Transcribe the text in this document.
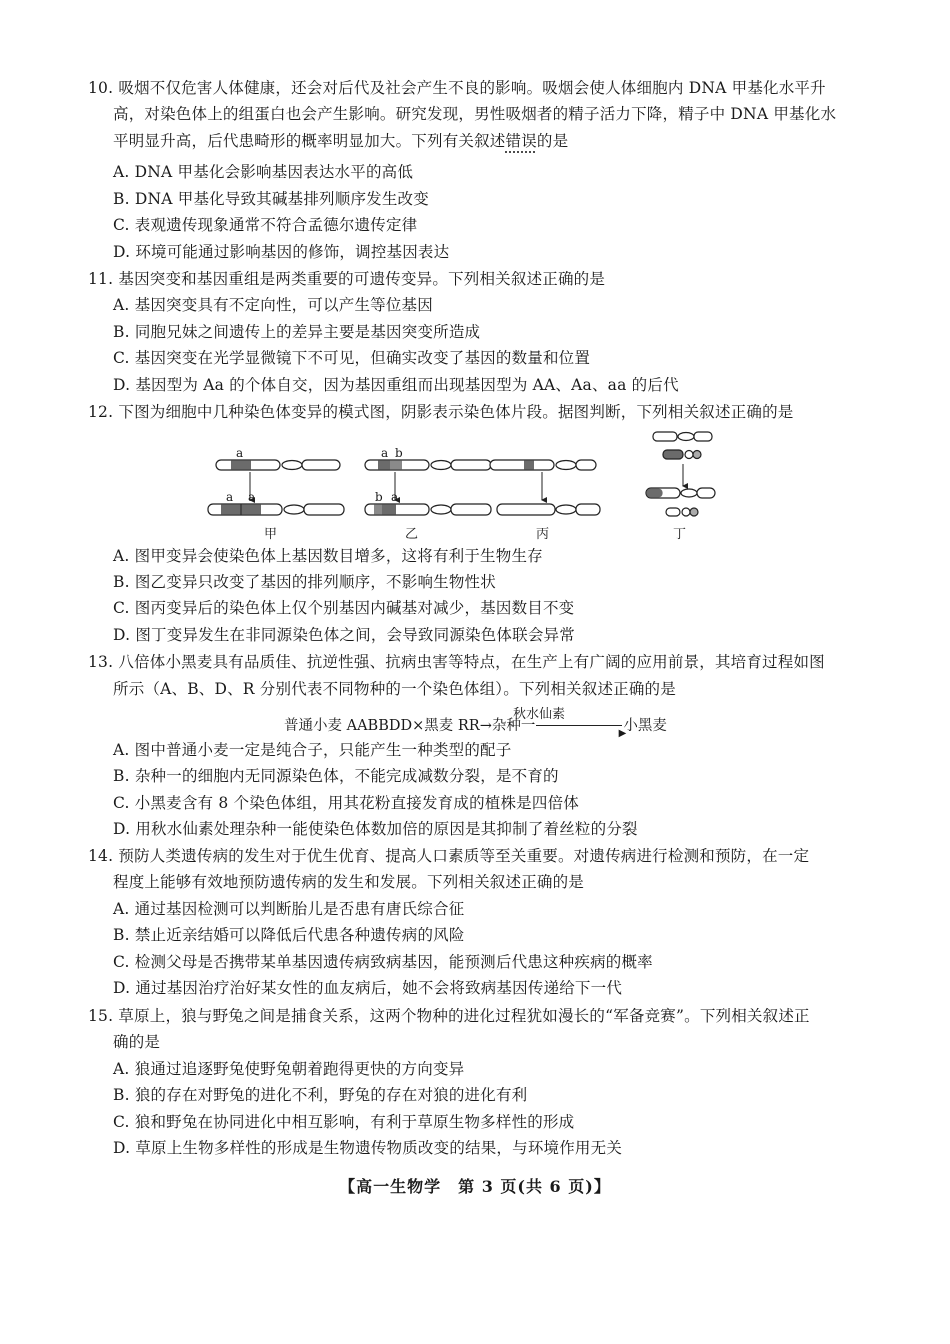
10. 吸烟不仅危害人体健康，还会对后代及社会产生不良的影响。吸烟会使人体细胞内 DNA 甲基化水平升
高，对染色体上的组蛋白也会产生影响。研究发现，男性吸烟者的精子活力下降，精子中 DNA 甲基化水
平明显升高，后代患畸形的概率明显加大。下列有关叙述错误的是
A. DNA 甲基化会影响基因表达水平的高低
B. DNA 甲基化导致其碱基排列顺序发生改变
C. 表观遗传现象通常不符合孟德尔遗传定律
D. 环境可能通过影响基因的修饰，调控基因表达
11. 基因突变和基因重组是两类重要的可遗传变异。下列相关叙述正确的是
A. 基因突变具有不定向性，可以产生等位基因
B. 同胞兄妹之间遗传上的差异主要是基因突变所造成
C. 基因突变在光学显微镜下不可见，但确实改变了基因的数量和位置
D. 基因型为 Aa 的个体自交，因为基因重组而出现基因型为 AA、Aa、aa 的后代
12. 下图为细胞中几种染色体变异的模式图，阴影表示染色体片段。据图判断，下列相关叙述正确的是
a
a a
a b
b a
甲	乙	丙	丁
A. 图甲变异会使染色体上基因数目增多，这将有利于生物生存
B. 图乙变异只改变了基因的排列顺序，不影响生物性状
C. 图丙变异后的染色体上仅个别基因内碱基对减少，基因数目不变
D. 图丁变异发生在非同源染色体之间，会导致同源染色体联会异常
13. 八倍体小黑麦具有品质佳、抗逆性强、抗病虫害等特点，在生产上有广阔的应用前景，其培育过程如图
所示（A、B、D、R 分别代表不同物种的一个染色体组）。下列相关叙述正确的是
普通小麦 AABBDD×黑麦 RR→杂种一	▶
小黑麦
秋水仙素
A. 图中普通小麦一定是纯合子，只能产生一种类型的配子
B. 杂种一的细胞内无同源染色体，不能完成减数分裂，是不育的
C. 小黑麦含有 8 个染色体组，用其花粉直接发育成的植株是四倍体
D. 用秋水仙素处理杂种一能使染色体数加倍的原因是其抑制了着丝粒的分裂
14. 预防人类遗传病的发生对于优生优育、提高人口素质等至关重要。对遗传病进行检测和预防，在一定
程度上能够有效地预防遗传病的发生和发展。下列相关叙述正确的是
A. 通过基因检测可以判断胎儿是否患有唐氏综合征
B. 禁止近亲结婚可以降低后代患各种遗传病的风险
C. 检测父母是否携带某单基因遗传病致病基因，能预测后代患这种疾病的概率
D. 通过基因治疗治好某女性的血友病后，她不会将致病基因传递给下一代
15. 草原上，狼与野兔之间是捕食关系，这两个物种的进化过程犹如漫长的“军备竞赛”。下列相关叙述正
确的是
A. 狼通过追逐野兔使野兔朝着跑得更快的方向变异
B. 狼的存在对野兔的进化不利，野兔的存在对狼的进化有利
C. 狼和野兔在协同进化中相互影响，有利于草原生物多样性的形成
D. 草原上生物多样性的形成是生物遗传物质改变的结果，与环境作用无关
【高一生物学　第 3 页(共 6 页)】
